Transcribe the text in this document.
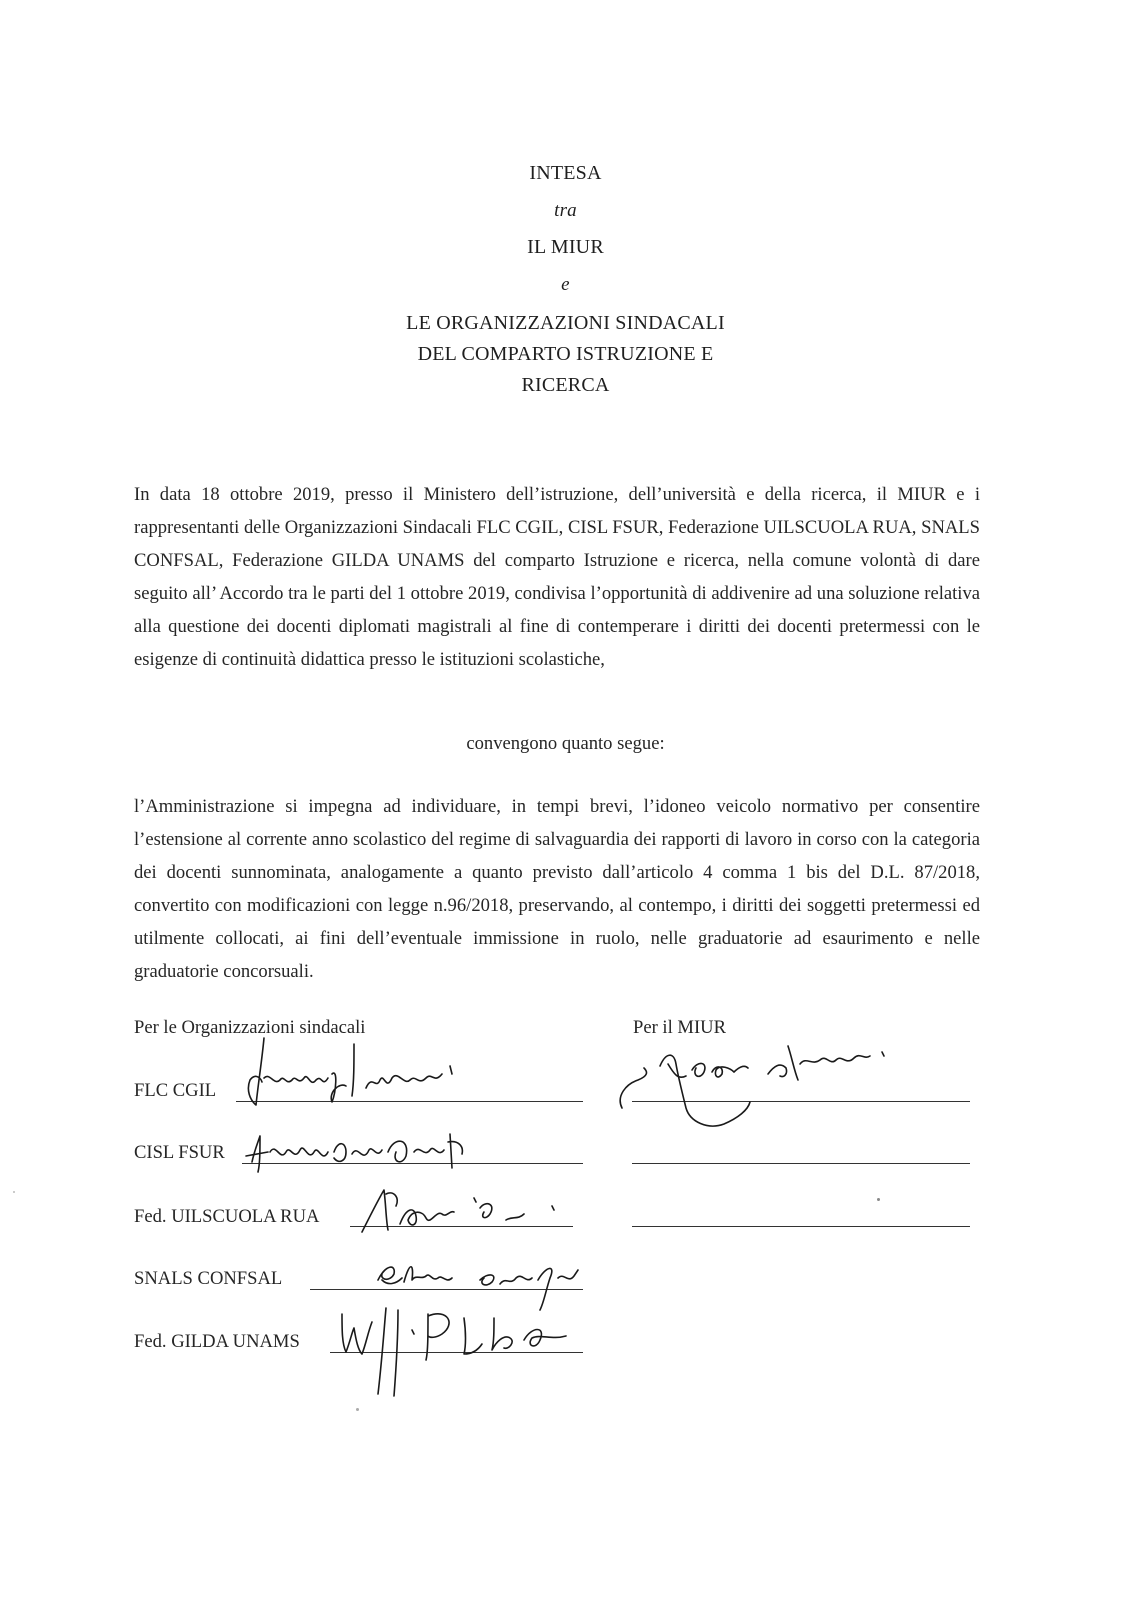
INTESA
tra
IL MIUR
e
LE ORGANIZZAZIONI SINDACALI
DEL COMPARTO ISTRUZIONE E
RICERCA
In data 18 ottobre 2019, presso il Ministero dell’istruzione, dell’università e della ricerca, il MIUR e i rappresentanti delle Organizzazioni Sindacali FLC CGIL, CISL FSUR, Federazione UILSCUOLA RUA, SNALS CONFSAL, Federazione GILDA UNAMS del comparto Istruzione e ricerca, nella comune volontà di dare seguito all’ Accordo tra le parti del 1 ottobre 2019, condivisa l’opportunità di addivenire ad una soluzione relativa alla questione dei docenti diplomati magistrali al fine di contemperare i diritti dei docenti pretermessi con le esigenze di continuità didattica presso le istituzioni scolastiche,
convengono quanto segue:
l’Amministrazione si impegna ad individuare, in tempi brevi, l’idoneo veicolo normativo per consentire l’estensione al corrente anno scolastico del regime di salvaguardia dei rapporti di lavoro in corso con la categoria dei docenti sunnominata, analogamente a quanto previsto dall’articolo 4 comma 1 bis del D.L. 87/2018, convertito con modificazioni con legge n.96/2018, preservando, al contempo, i diritti dei soggetti pretermessi ed utilmente collocati, ai fini dell’eventuale immissione in ruolo, nelle graduatorie ad esaurimento e nelle graduatorie concorsuali.
Per le Organizzazioni sindacali	Per il MIUR
FLC CGIL
CISL FSUR
Fed. UILSCUOLA RUA
SNALS CONFSAL
Fed. GILDA UNAMS
